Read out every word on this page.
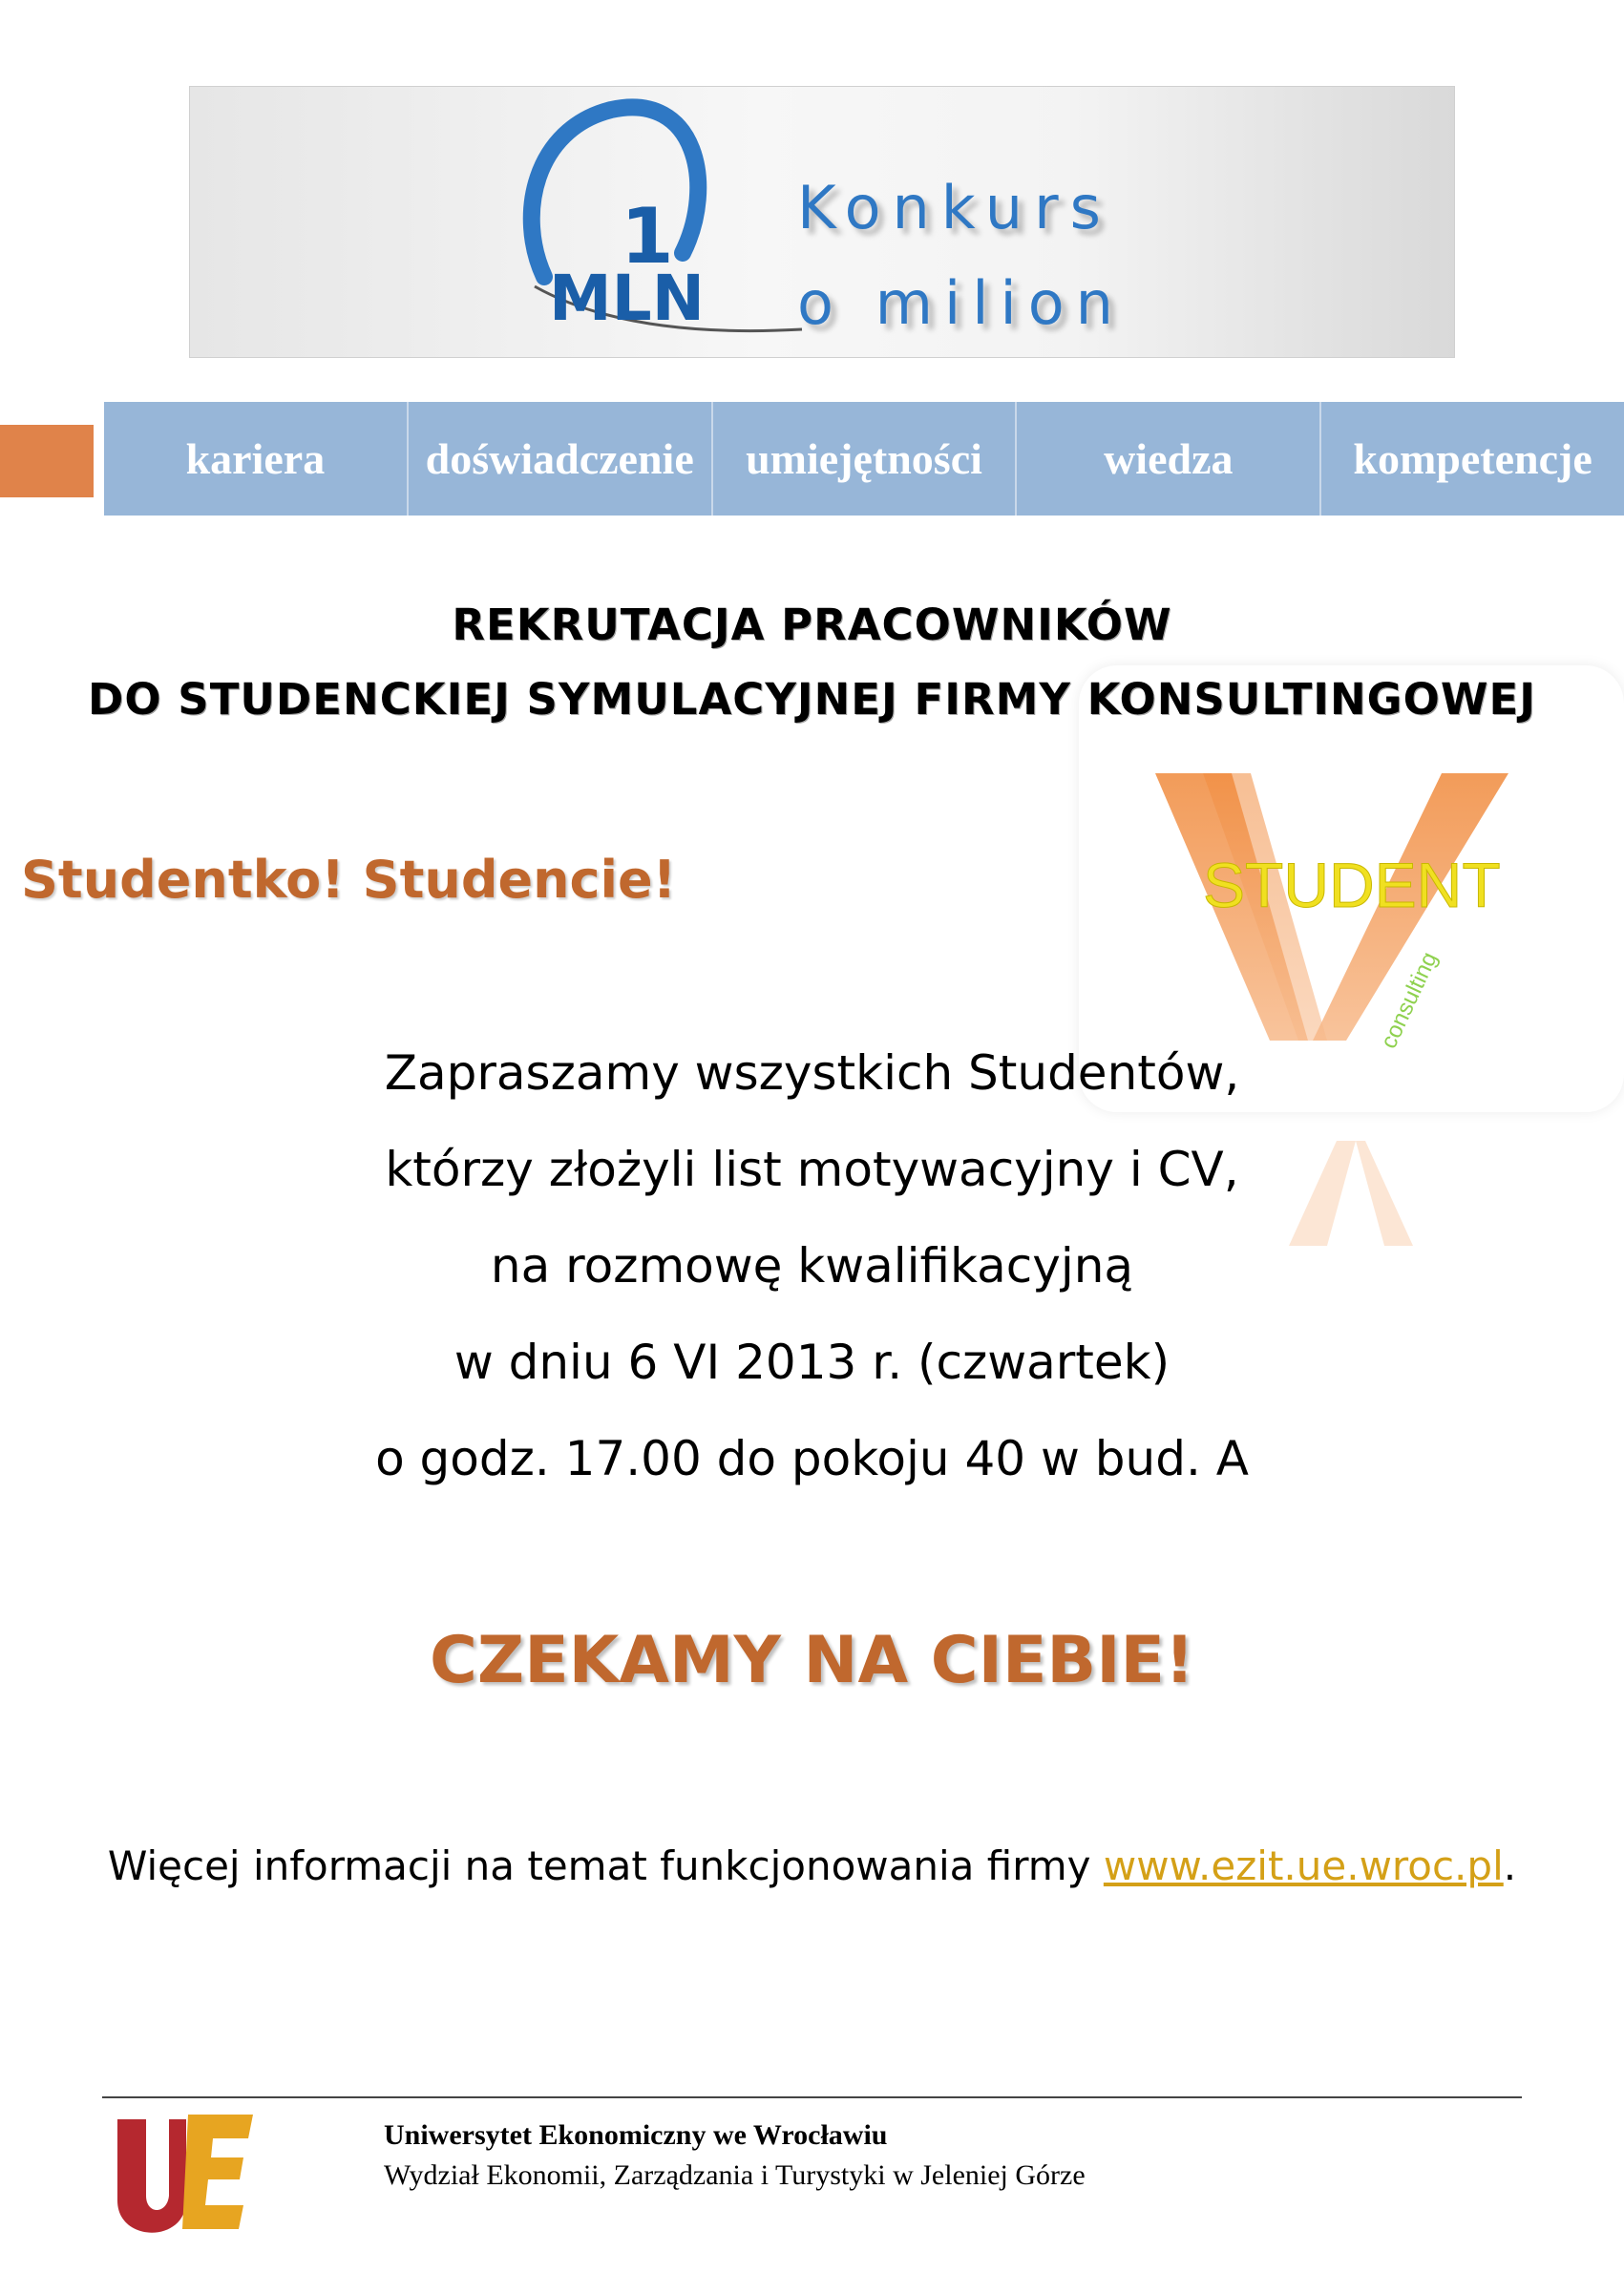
1
MLN
Konkurs
o milion
kariera	doświadczenie	umiejętności	wiedza	kompetencje
REKRUTACJA PRACOWNIKÓW
STUDENT
consulting
DO STUDENCKIEJ SYMULACYJNEJ FIRMY KONSULTINGOWEJ
Studentko! Studencie!
Zapraszamy wszystkich Studentów,
którzy złożyli list motywacyjny i CV,
na rozmowę kwalifikacyjną
w dniu 6 VI 2013 r. (czwartek)
o godz. 17.00 do pokoju 40 w bud. A
CZEKAMY NA CIEBIE!
Więcej informacji na temat funkcjonowania firmy www.ezit.ue.wroc.pl.
UE
Uniwersytet Ekonomiczny we Wrocławiu
Wydział Ekonomii, Zarządzania i Turystyki w Jeleniej Górze
